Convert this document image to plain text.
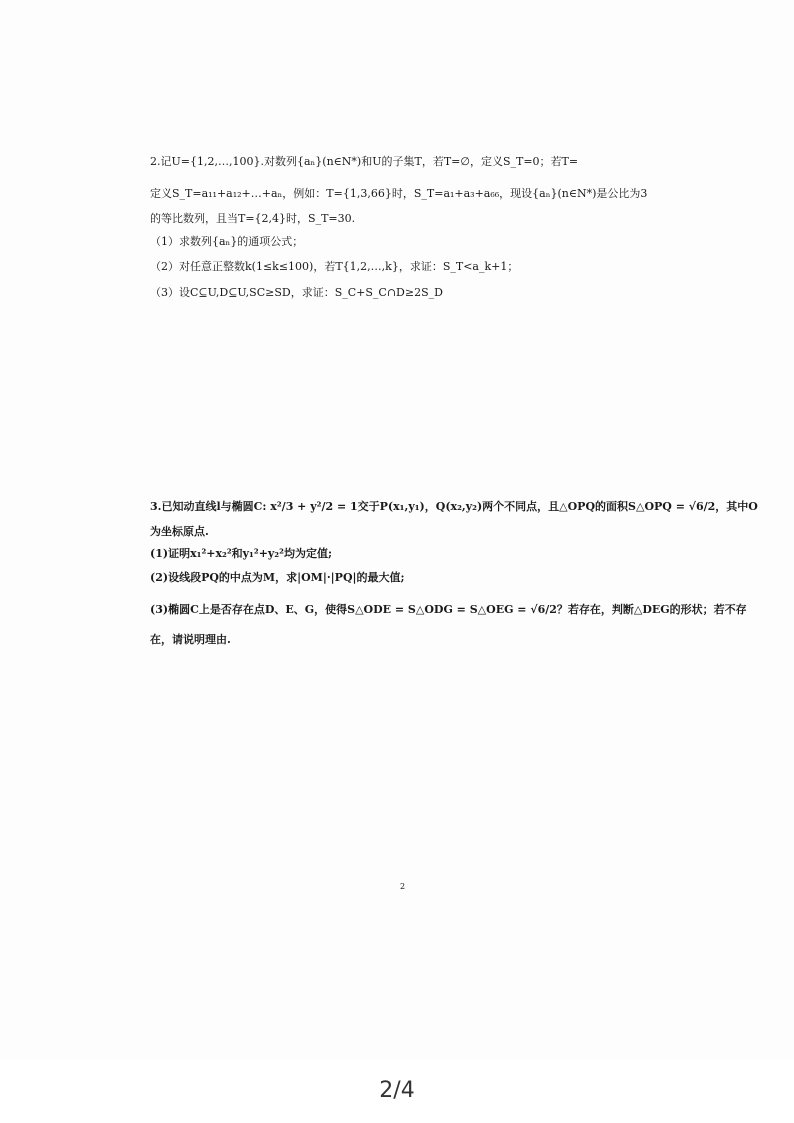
2.记U={1,2,…,100}.对数列{aₙ}(n∈N*)和U的子集T，若T=∅，定义S_T=0；若T=
定义S_T=a₁₁+a₁₂+…+aₙ，例如：T={1,3,66}时，S_T=a₁+a₃+a₆₆，现设{aₙ}(n∈N*)是公比为3
的等比数列，且当T={2,4}时，S_T=30.
（1）求数列{aₙ}的通项公式；
（2）对任意正整数k(1≤k≤100)，若T{1,2,…,k}，求证：S_T<a_k+1；
（3）设C⊆U,D⊆U,SC≥SD，求证：S_C+S_C∩D≥2S_D
3.已知动直线l与椭圆C: x²/3 + y²/2 = 1交于P(x₁,y₁)，Q(x₂,y₂)两个不同点，且△OPQ的面积S△OPQ = √6/2，其中O
为坐标原点.
(1)证明x₁²+x₂²和y₁²+y₂²均为定值;
(2)设线段PQ的中点为M，求|OM|·|PQ|的最大值;
(3)椭圆C上是否存在点D、E、G，使得S△ODE = S△ODG = S△OEG = √6/2？若存在，判断△DEG的形状；若不存
在，请说明理由.
2
2/4
